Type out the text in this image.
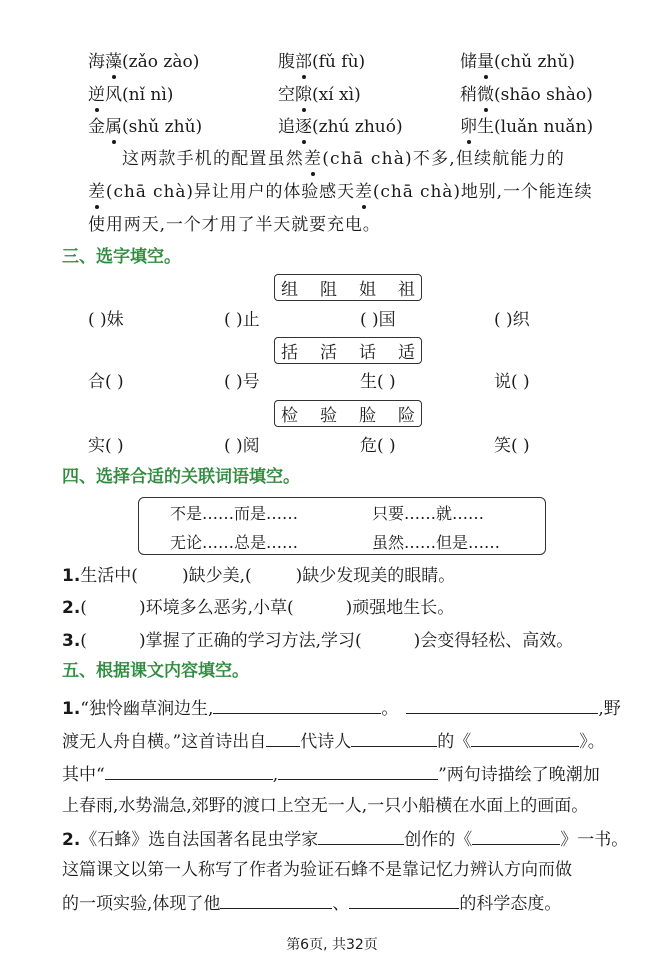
海藻(zǎo zào)	腹部(fǔ fù)	储量(chǔ zhǔ)
逆风(nǐ nì)	空隙(xí xì)	稍微(shāo shào)
金属(shǔ zhǔ)	追逐(zhú zhuó)	卵生(luǎn nuǎn)
这两款手机的配置虽然差(chā chà)不多,但续航能力的
差(chā chà)异让用户的体验感天差(chā chà)地别,一个能连续
使用两天,一个才用了半天就要充电。
三、选字填空。
组 阻 姐 祖
( )妹	( )止	( )国	( )织
括 活 话 适
合( )	( )号	生( )	说( )
检 验 脸 险
实( )	( )阅	危( )	笑( )
四、选择合适的关联词语填空。
不是……而是……	只要……就……
无论……总是……	虽然……但是……
1.生活中(	)缺少美,(	)缺少发现美的眼睛。
2.(	)环境多么恶劣,小草(	)顽强地生长。
3.(	)掌握了正确的学习方法,学习(	)会变得轻松、高效。
五、根据课文内容填空。
1.“独怜幽草涧边生,	。	,野
渡无人舟自横。”这首诗出自 代诗人	的《	》。
其中“	,	”两句诗描绘了晚潮加
上春雨,水势湍急,郊野的渡口上空无一人,一只小船横在水面上的画面。
2.《石蜂》选自法国著名昆虫学家	创作的《	》一书。
这篇课文以第一人称写了作者为验证石蜂不是靠记忆力辨认方向而做
的一项实验,体现了他	、	的科学态度。
第6页, 共32页
